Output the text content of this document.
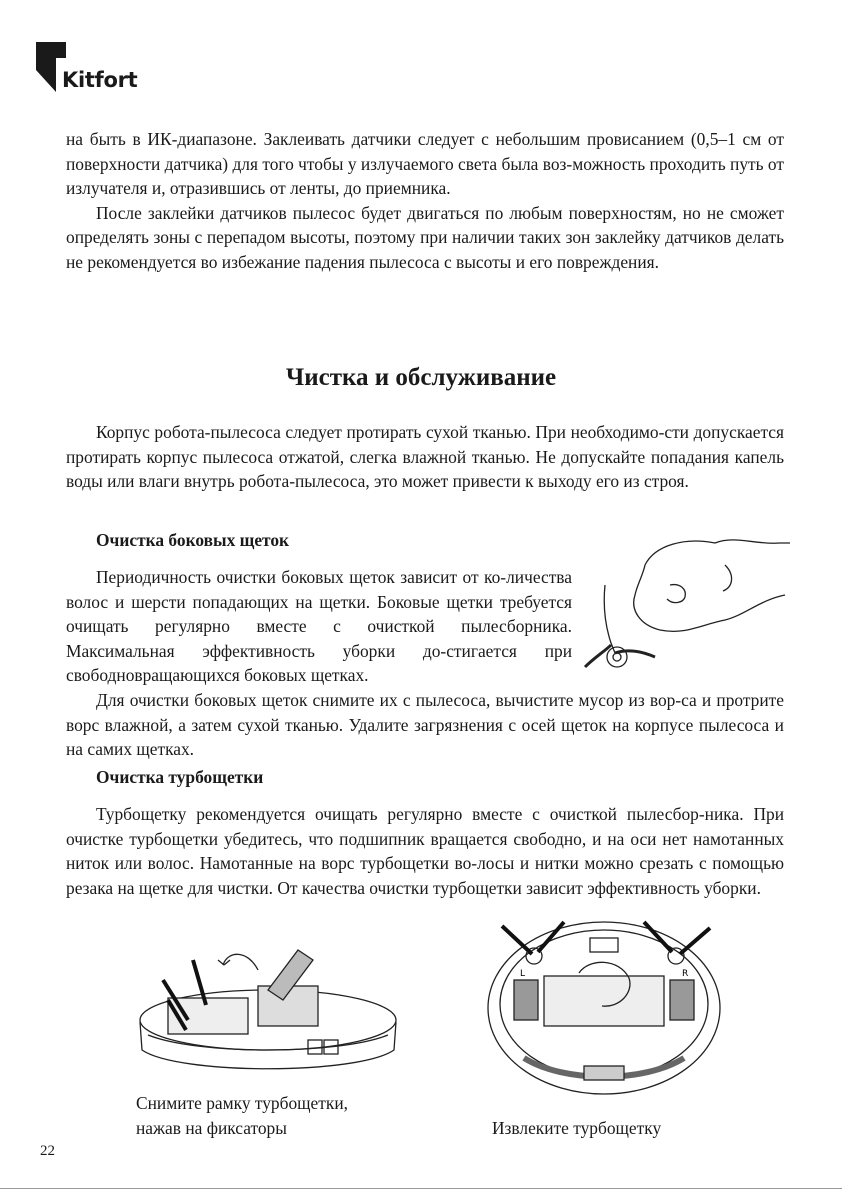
Kitfort

на быть в ИК-диапазоне. Заклеивать датчики следует с небольшим провисанием (0,5–1 см от поверхности датчика) для того чтобы у излучаемого света была воз-можность проходить путь от излучателя и, отразившись от ленты, до приемника.

После заклейки датчиков пылесос будет двигаться по любым поверхностям, но не сможет определять зоны с перепадом высоты, поэтому при наличии таких зон заклейку датчиков делать не рекомендуется во избежание падения пылесоса с высоты и его повреждения.

Чистка и обслуживание

Корпус робота-пылесоса следует протирать сухой тканью. При необходимо-сти допускается протирать корпус пылесоса отжатой, слегка влажной тканью. Не допускайте попадания капель воды или влаги внутрь робота-пылесоса, это может привести к выходу его из строя.

Очистка боковых щеток

Периодичность очистки боковых щеток зависит от ко-личества волос и шерсти попадающих на щетки. Боковые щетки требуется очищать регулярно вместе с очисткой пылесборника. Максимальная эффективность уборки до-стигается при свободновращающихся боковых щетках.

Для очистки боковых щеток снимите их с пылесоса, вычистите мусор из вор-са и протрите ворс влажной, а затем сухой тканью. Удалите загрязнения с осей щеток на корпусе пылесоса и на самих щетках.

Очистка турбощетки

Турбощетку рекомендуется очищать регулярно вместе с очисткой пылесбор-ника. При очистке турбощетки убедитесь, что подшипник вращается свободно, и на оси нет намотанных ниток или волос. Намотанные на ворс турбощетки во-лосы и нитки можно срезать с помощью резака на щетке для чистки. От качества очистки турбощетки зависит эффективность уборки.

L	R
Снимите рамку турбощетки,
нажав на фиксаторы	Извлеките турбощетку
22
